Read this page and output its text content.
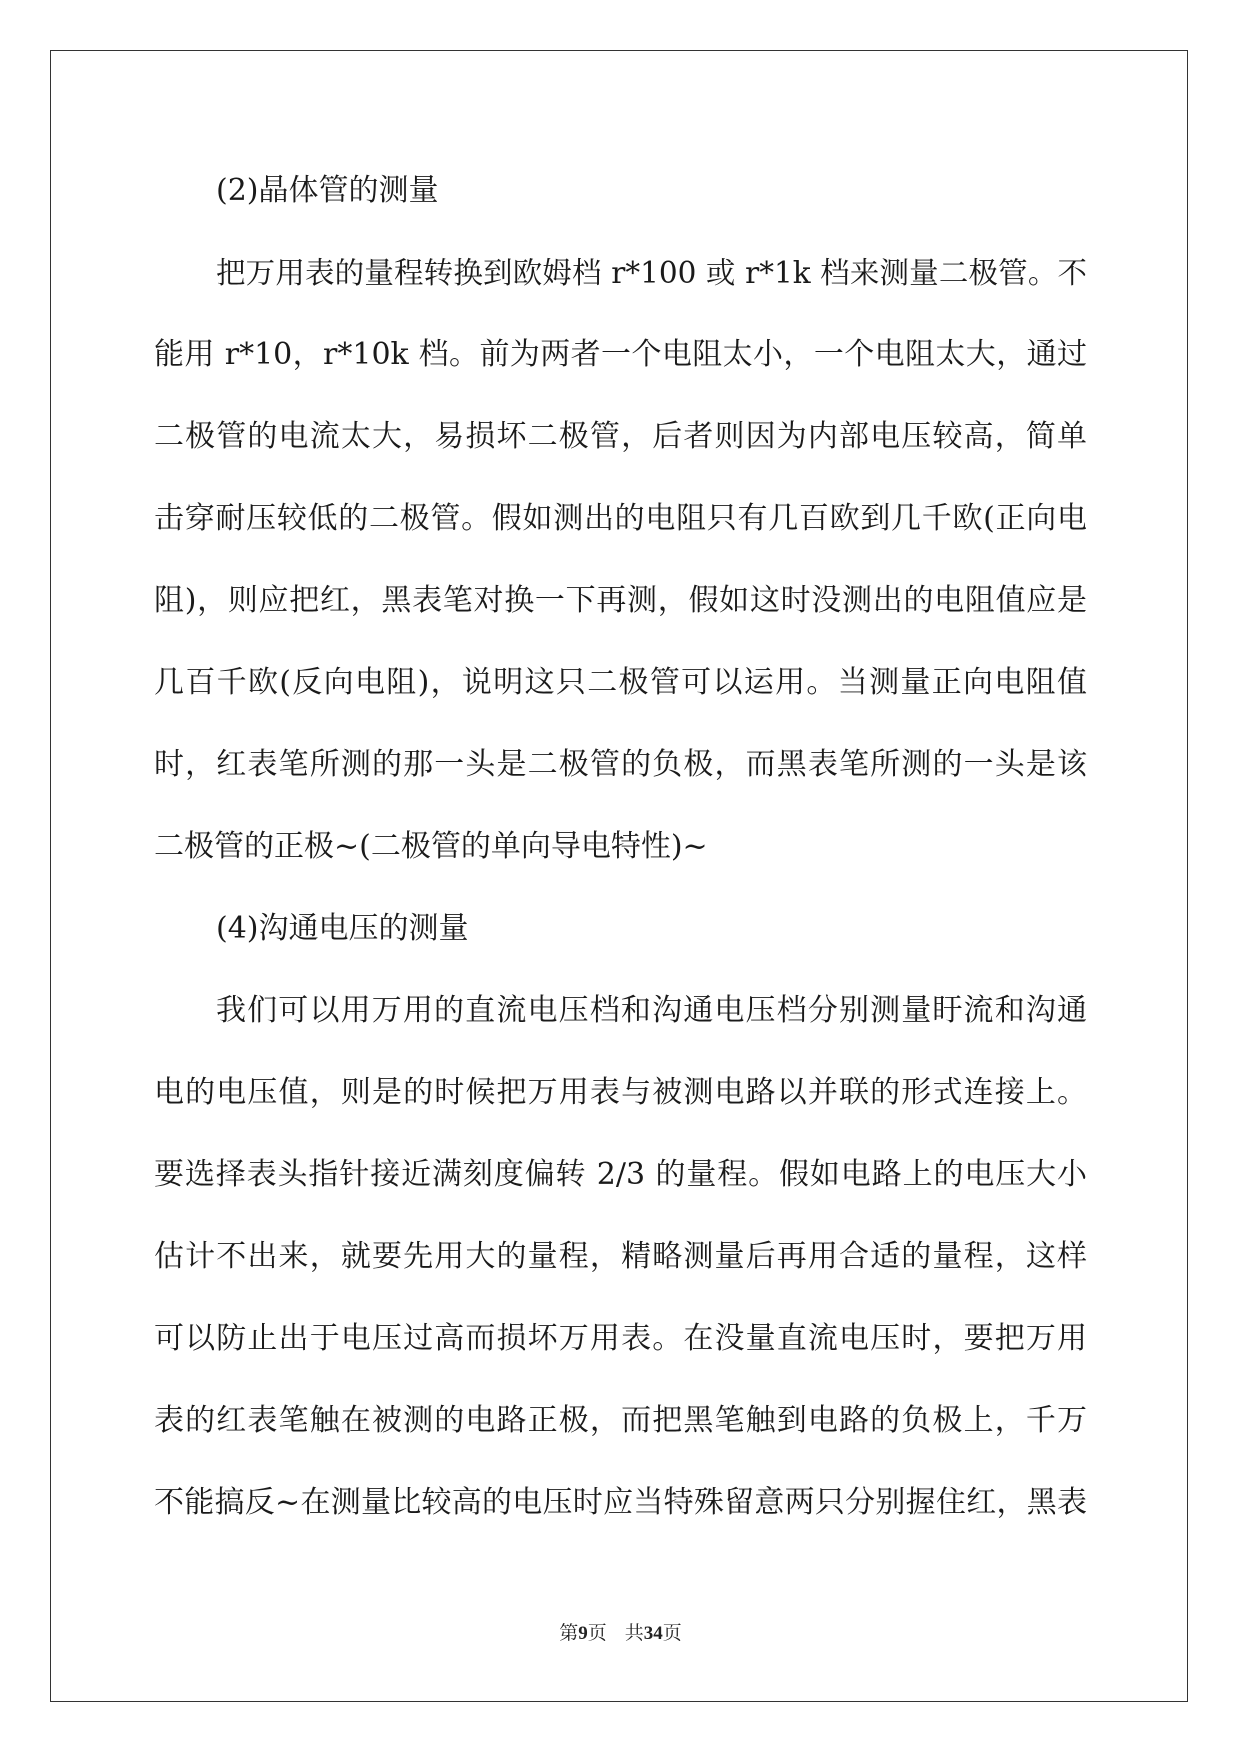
(2)晶体管的测量
把万用表的量程转换到欧姆档 r*100 或 r*1k 档来测量二极管。不
能用 r*10，r*10k 档。前为两者一个电阻太小，一个电阻太大，通过
二极管的电流太大，易损坏二极管，后者则因为内部电压较高，简单
击穿耐压较低的二极管。假如测出的电阻只有几百欧到几千欧(正向电
阻)，则应把红，黑表笔对换一下再测，假如这时没测出的电阻值应是
几百千欧(反向电阻)，说明这只二极管可以运用。当测量正向电阻值
时，红表笔所测的那一头是二极管的负极，而黑表笔所测的一头是该
二极管的正极~(二极管的单向导电特性)~
(4)沟通电压的测量
我们可以用万用的直流电压档和沟通电压档分别测量盱流和沟通
电的电压值，则是的时候把万用表与被测电路以并联的形式连接上。
要选择表头指针接近满刻度偏转 2/3 的量程。假如电路上的电压大小
估计不出来，就要先用大的量程，精略测量后再用合适的量程，这样
可以防止出于电压过高而损坏万用表。在没量直流电压时，要把万用
表的红表笔触在被测的电路正极，而把黑笔触到电路的负极上，千万
不能搞反~在测量比较高的电压时应当特殊留意两只分别握住红，黑表
第9页 共34页
